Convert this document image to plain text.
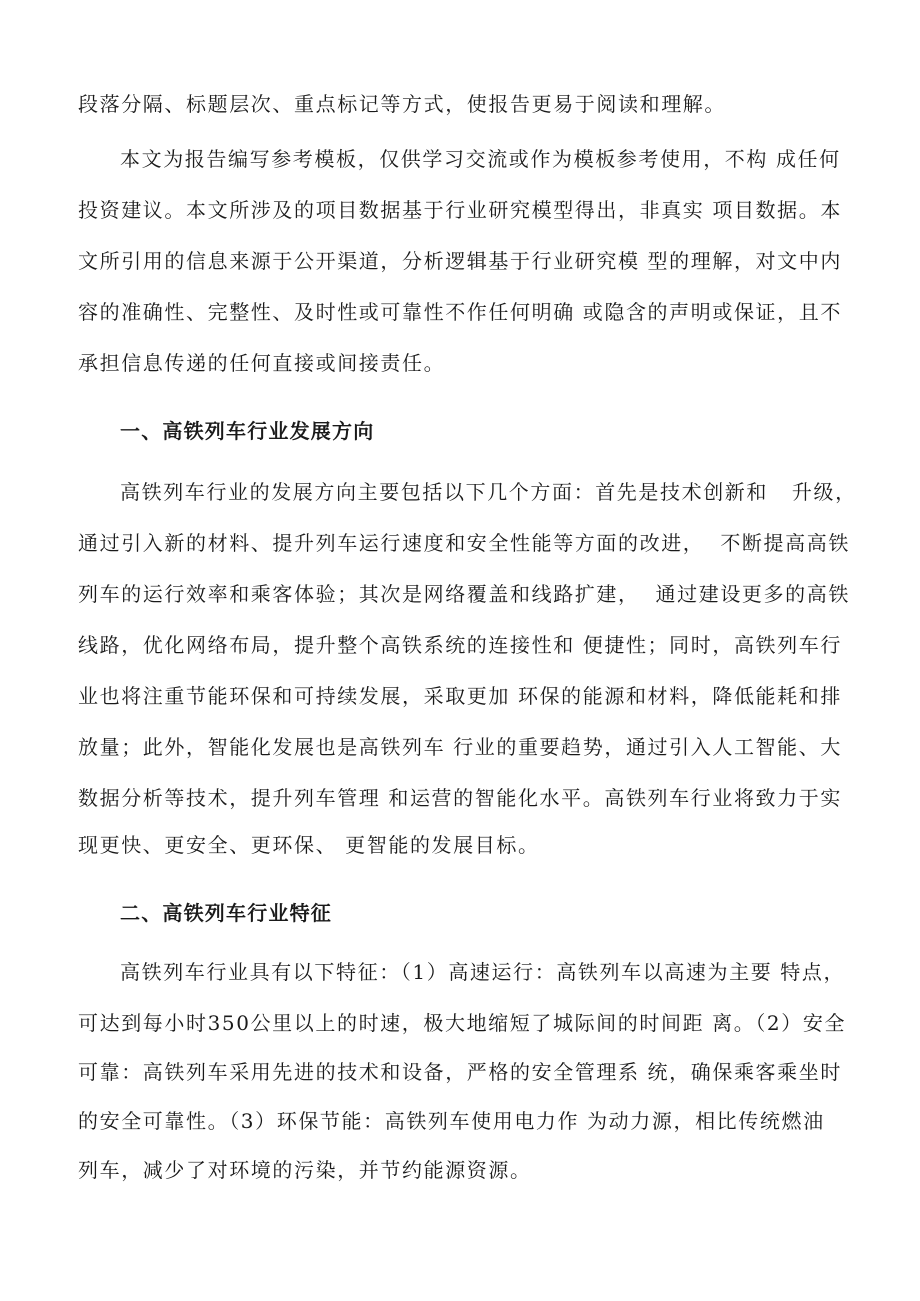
段落分隔、标题层次、重点标记等方式，使报告更易于阅读和理解。
本文为报告编写参考模板，仅供学习交流或作为模板参考使用，不构 成任何
投资建议。本文所涉及的项目数据基于行业研究模型得出，非真实 项目数据。本
文所引用的信息来源于公开渠道，分析逻辑基于行业研究模 型的理解，对文中内
容的准确性、完整性、及时性或可靠性不作任何明确 或隐含的声明或保证，且不
承担信息传递的任何直接或间接责任。
一、高铁列车行业发展方向
高铁列车行业的发展方向主要包括以下几个方面：首先是技术创新和   升级，
通过引入新的材料、提升列车运行速度和安全性能等方面的改进，  不断提高高铁
列车的运行效率和乘客体验；其次是网络覆盖和线路扩建，  通过建设更多的高铁
线路，优化网络布局，提升整个高铁系统的连接性和 便捷性；同时，高铁列车行
业也将注重节能环保和可持续发展，采取更加 环保的能源和材料，降低能耗和排
放量；此外，智能化发展也是高铁列车 行业的重要趋势，通过引入人工智能、大
数据分析等技术，提升列车管理 和运营的智能化水平。高铁列车行业将致力于实
现更快、更安全、更环保、 更智能的发展目标。
二、高铁列车行业特征
高铁列车行业具有以下特征：（1）高速运行：高铁列车以高速为主要 特点，
可达到每小时350公里以上的时速，极大地缩短了城际间的时间距 离。（2）安全
可靠：高铁列车采用先进的技术和设备，严格的安全管理系 统，确保乘客乘坐时
的安全可靠性。（3）环保节能：高铁列车使用电力作 为动力源，相比传统燃油
列车，减少了对环境的污染，并节约能源资源。
